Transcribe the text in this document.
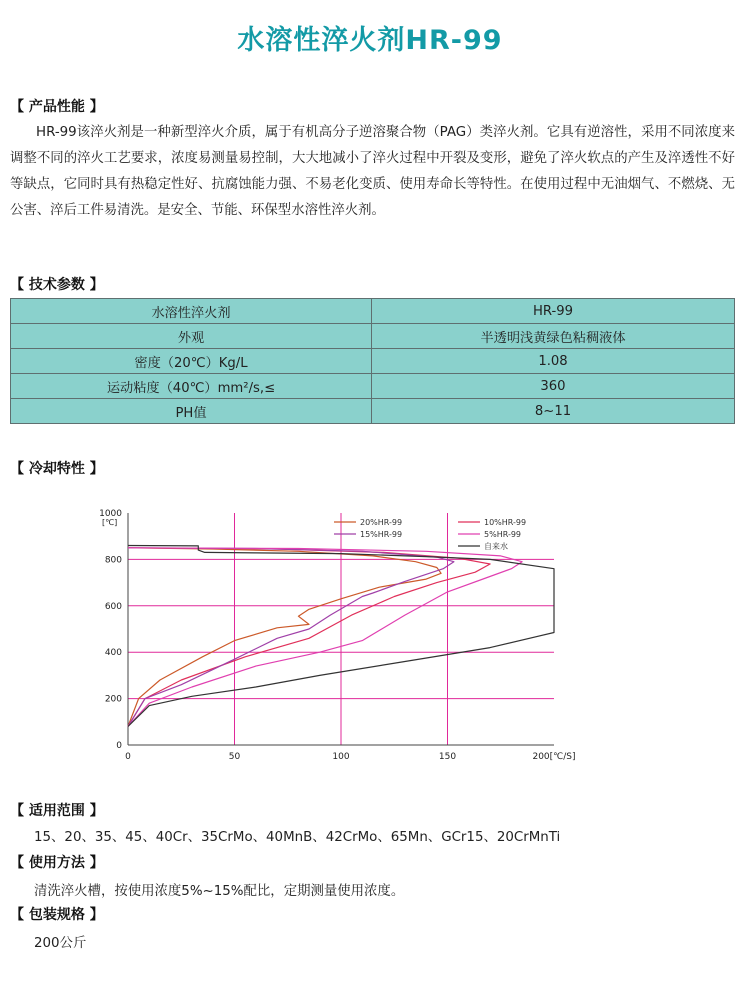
水溶性淬火剂HR-99
【 产品性能 】
HR-99该淬火剂是一种新型淬火介质，属于有机高分子逆溶聚合物（PAG）类淬火剂。它具有逆溶性，采用不同浓度来调整不同的淬火工艺要求，浓度易测量易控制，大大地减小了淬火过程中开裂及变形，避免了淬火软点的产生及淬透性不好等缺点，它同时具有热稳定性好、抗腐蚀能力强、不易老化变质、使用寿命长等特性。在使用过程中无油烟气、不燃烧、无公害、淬后工件易清洗。是安全、节能、环保型水溶性淬火剂。
【 技术参数 】
水溶性淬火剂	HR-99
外观	半透明浅黄绿色粘稠液体
密度（20℃）Kg/L	1.08
运动粘度（40℃）mm²/s,≤	360
PH值	8~11
【 冷却特性 】
0
200
400
600
800
1000
0	50	100	150	200[℃/S]
[℃]	20%HR-99	10%HR-99
15%HR-99	5%HR-99
自来水
【 适用范围 】
15、20、35、45、40Cr、35CrMo、40MnB、42CrMo、65Mn、GCr15、20CrMnTi
【 使用方法 】
清洗淬火槽，按使用浓度5%~15%配比，定期测量使用浓度。
【 包装规格 】
200公斤
